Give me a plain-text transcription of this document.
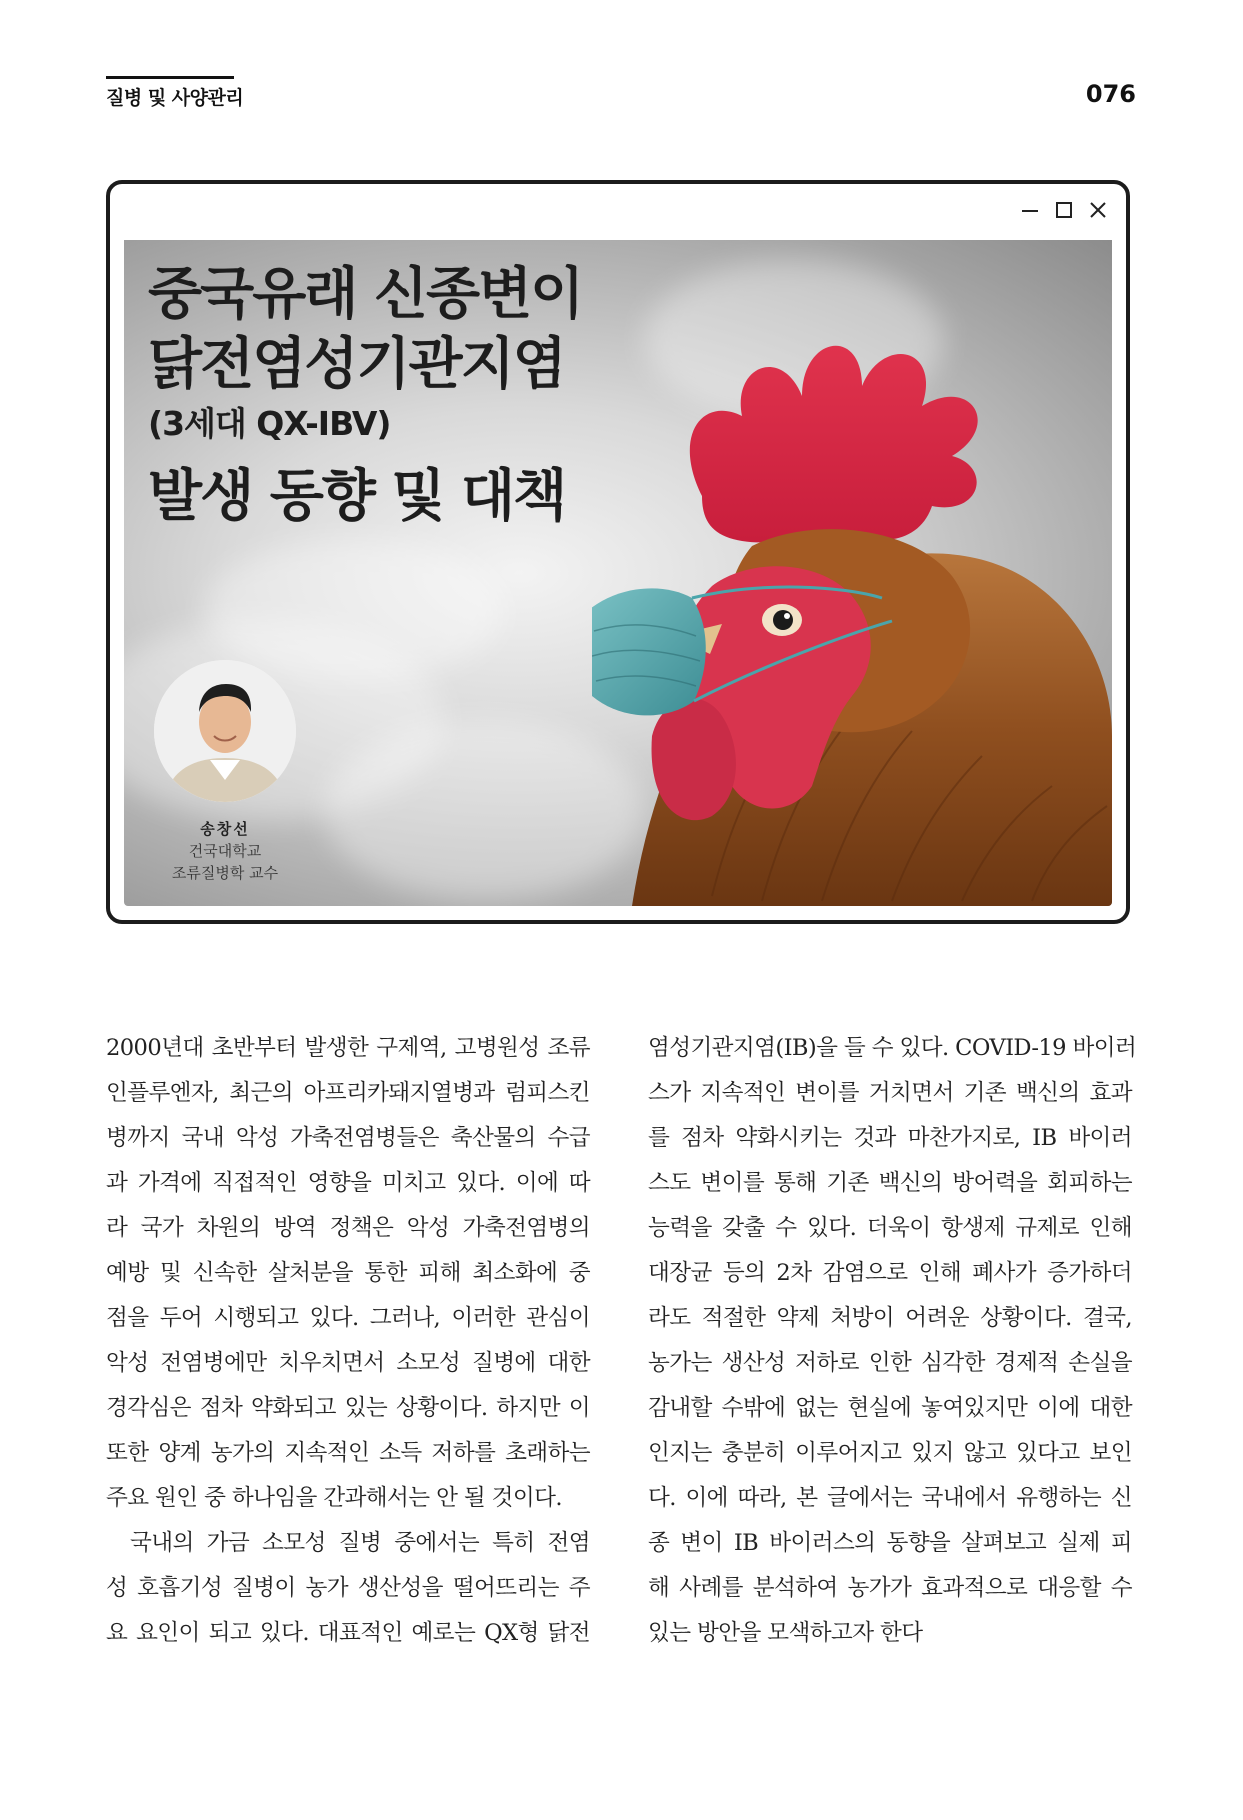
질병 및 사양관리	076
중국유래 신종변이
닭전염성기관지염
(3세대 QX-IBV)
발생 동향 및 대책
송창선
건국대학교
조류질병학 교수
2000년대 초반부터 발생한 구제역, 고병원성 조류
인플루엔자, 최근의 아프리카돼지열병과 럼피스킨
병까지 국내 악성 가축전염병들은 축산물의 수급
과 가격에 직접적인 영향을 미치고 있다. 이에 따
라 국가 차원의 방역 정책은 악성 가축전염병의
예방 및 신속한 살처분을 통한 피해 최소화에 중
점을 두어 시행되고 있다. 그러나, 이러한 관심이
악성 전염병에만 치우치면서 소모성 질병에 대한
경각심은 점차 약화되고 있는 상황이다. 하지만 이
또한 양계 농가의 지속적인 소득 저하를 초래하는
주요 원인 중 하나임을 간과해서는 안 될 것이다.
국내의 가금 소모성 질병 중에서는 특히 전염
성 호흡기성 질병이 농가 생산성을 떨어뜨리는 주
요 요인이 되고 있다. 대표적인 예로는 QX형 닭전
염성기관지염(IB)을 들 수 있다. COVID-19 바이러
스가 지속적인 변이를 거치면서 기존 백신의 효과
를 점차 약화시키는 것과 마찬가지로, IB 바이러
스도 변이를 통해 기존 백신의 방어력을 회피하는
능력을 갖출 수 있다. 더욱이 항생제 규제로 인해
대장균 등의 2차 감염으로 인해 폐사가 증가하더
라도 적절한 약제 처방이 어려운 상황이다. 결국,
농가는 생산성 저하로 인한 심각한 경제적 손실을
감내할 수밖에 없는 현실에 놓여있지만 이에 대한
인지는 충분히 이루어지고 있지 않고 있다고 보인
다. 이에 따라, 본 글에서는 국내에서 유행하는 신
종 변이 IB 바이러스의 동향을 살펴보고 실제 피
해 사례를 분석하여 농가가 효과적으로 대응할 수
있는 방안을 모색하고자 한다
